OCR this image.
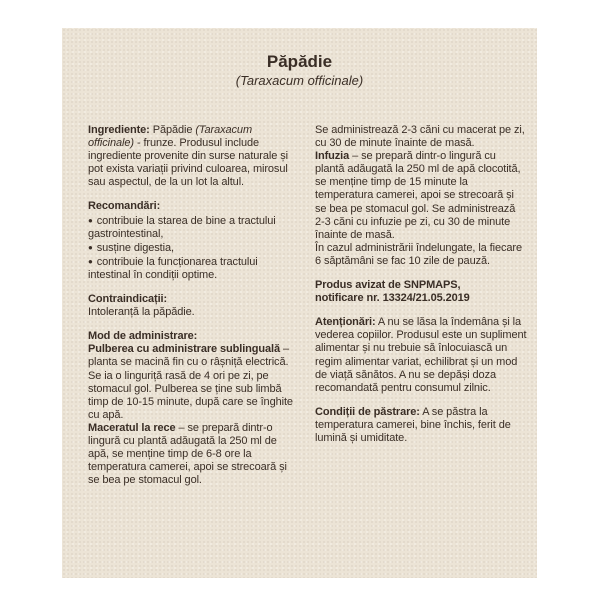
Păpădie
(Taraxacum officinale)

Ingrediente: Păpădie (Taraxacum officinale) - frunze. Produsul include ingrediente provenite din surse naturale și pot exista variații privind culoarea, mirosul sau aspectul, de la un lot la altul.

Recomandări:
● contribuie la starea de bine a tractului gastrointestinal,
● susține digestia,
● contribuie la funcționarea tractului intestinal în condiții optime.

Contraindicații:
Intoleranță la păpădie.

Mod de administrare:
Pulberea cu administrare sublinguală – planta se macină fin cu o râșniță electrică. Se ia o linguriță rasă de 4 ori pe zi, pe stomacul gol. Pulberea se ține sub limbă timp de 10-15 minute, după care se înghite cu apă.
Maceratul la rece – se prepară dintr-o lingură cu plantă adăugată la 250 ml de apă, se menține timp de 6-8 ore la temperatura camerei, apoi se strecoară și se bea pe stomacul gol.

Se administrează 2-3 căni cu macerat pe zi, cu 30 de minute înainte de masă.
Infuzia – se prepară dintr-o lingură cu plantă adăugată la 250 ml de apă clocotită, se menține timp de 15 minute la temperatura camerei, apoi se strecoară și se bea pe stomacul gol. Se administrează 2-3 căni cu infuzie pe zi, cu 30 de minute înainte de masă.
În cazul administrării îndelungate, la fiecare 6 săptămâni se fac 10 zile de pauză.

Produs avizat de SNPMAPS,
notificare nr. 13324/21.05.2019

Atenționări: A nu se lăsa la îndemâna și la vederea copiilor. Produsul este un supliment alimentar și nu trebuie să înlocuiască un regim alimentar variat, echilibrat și un mod de viață sănătos. A nu se depăși doza recomandată pentru consumul zilnic.

Condiții de păstrare: A se păstra la temperatura camerei, bine închis, ferit de lumină și umiditate.
